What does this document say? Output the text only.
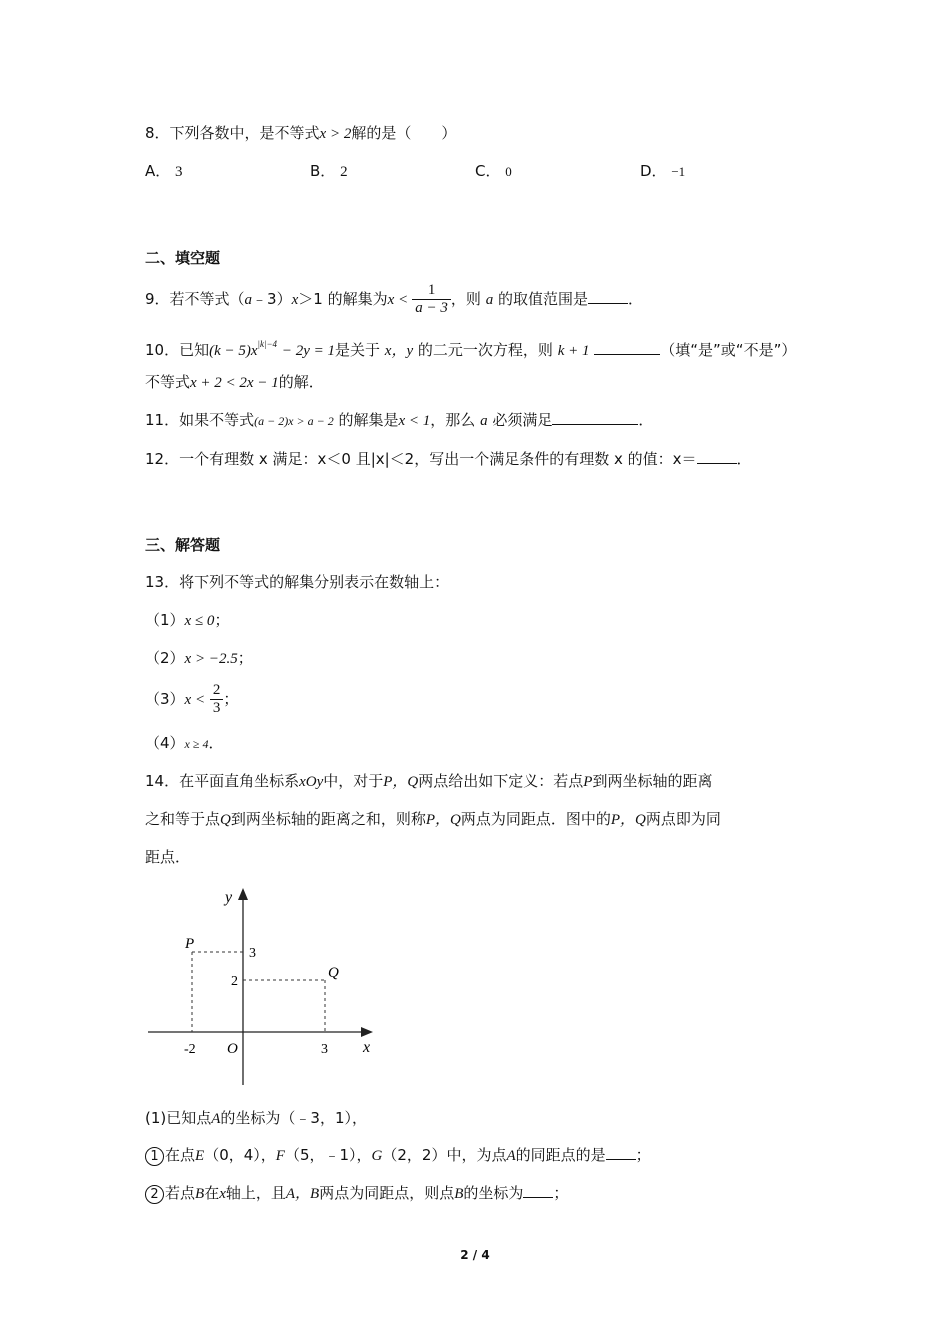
8．下列各数中，是不等式x > 2解的是（　　）
A． 3	B． 2	C． 0	D． −1
二、填空题
9．若不等式（a﹣3）x＞1 的解集为$x < \frac{1}{a - 3}$ ，则 a 的取值范围是	．
10．已知$(k - 5)x^{|k|-4} - 2y = 1$是关于 x，y 的二元一次方程，则 k + 1	（填“是”或“不是”）
不等式x + 2 < 2x − 1的解．
11．如果不等式(a − 2)x > a − 2 的解集是x < 1，那么 a 必须满足	．
12．一个有理数 x 满足：x＜0 且|x|＜2，写出一个满足条件的有理数 x 的值：x＝	．
三、解答题
13．将下列不等式的解集分别表示在数轴上：
（1）x ≤ 0；
（2）x > −2.5；
$(3)x < \frac{2}{3}$ ；
（4）x ≥ 4．
14．在平面直角坐标系xOy中，对于P，Q两点给出如下定义：若点P到两坐标轴的距离
之和等于点Q到两坐标轴的距离之和，则称P，Q两点为同距点．图中的P，Q两点即为同
距点．
y
x
O
P
Q
3
2
-2	3
(1)已知点A的坐标为（﹣3，1），
1 在点E（0，4），F（5，﹣1），G（2，2）中，为点A的同距点的是 ；
2 若点B在x轴上，且A，B两点为同距点，则点B的坐标为 ；
2 / 4
